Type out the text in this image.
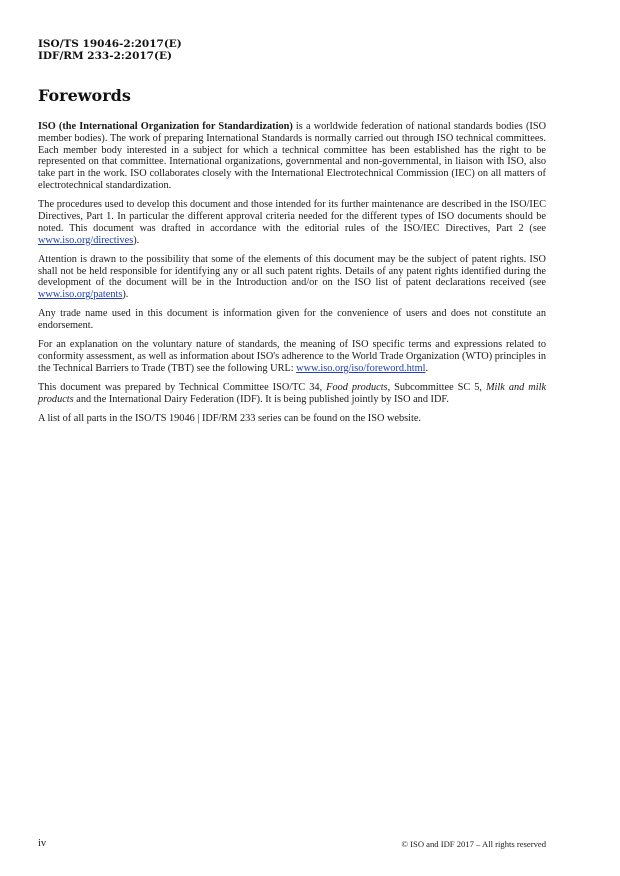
ISO/TS 19046-2:2017(E)
IDF/RM 233-2:2017(E)
Forewords

ISO (the International Organization for Standardization) is a worldwide federation of national standards bodies (ISO member bodies). The work of preparing International Standards is normally carried out through ISO technical committees. Each member body interested in a subject for which a technical committee has been established has the right to be represented on that committee. International organizations, governmental and non-governmental, in liaison with ISO, also take part in the work. ISO collaborates closely with the International Electrotechnical Commission (IEC) on all matters of electrotechnical standardization.

The procedures used to develop this document and those intended for its further maintenance are described in the ISO/IEC Directives, Part 1. In particular the different approval criteria needed for the different types of ISO documents should be noted. This document was drafted in accordance with the editorial rules of the ISO/IEC Directives, Part 2 (see www.iso.org/directives).

Attention is drawn to the possibility that some of the elements of this document may be the subject of patent rights. ISO shall not be held responsible for identifying any or all such patent rights. Details of any patent rights identified during the development of the document will be in the Introduction and/or on the ISO list of patent declarations received (see www.iso.org/patents).

Any trade name used in this document is information given for the convenience of users and does not constitute an endorsement.

For an explanation on the voluntary nature of standards, the meaning of ISO specific terms and expressions related to conformity assessment, as well as information about ISO's adherence to the World Trade Organization (WTO) principles in the Technical Barriers to Trade (TBT) see the following URL: www.iso.org/iso/foreword.html.

This document was prepared by Technical Committee ISO/TC 34, Food products, Subcommittee SC 5, Milk and milk products and the International Dairy Federation (IDF). It is being published jointly by ISO and IDF.

A list of all parts in the ISO/TS 19046 | IDF/RM 233 series can be found on the ISO website.

iv	© ISO and IDF 2017 – All rights reserved
